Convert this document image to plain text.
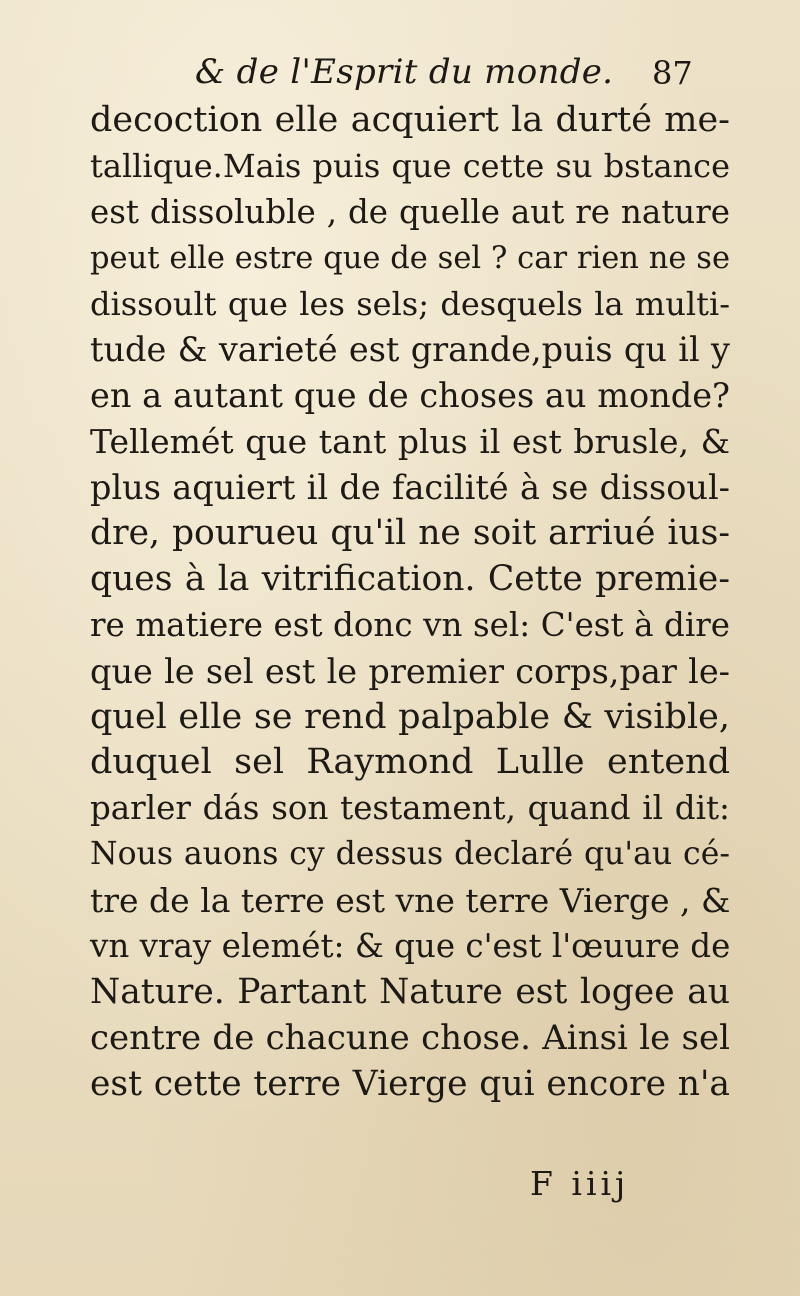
& de l'Esprit du monde. 87
decoction elle acquiert la durté me-
tallique.Mais puis que cette su bstance
est dissoluble , de quelle aut re nature
peut elle estre que de sel ? car rien ne se
dissoult que les sels; desquels la multi-
tude & varieté est grande,puis qu il y
en a autant que de choses au monde?
Tellemét que tant plus il est brusle, &
plus aquiert il de facilité à se dissoul-
dre, pourueu qu'il ne soit arriué ius-
ques à la vitrification. Cette premie-
re matiere est donc vn sel: C'est à dire
que le sel est le premier corps,par le-
quel elle se rend palpable & visible,
duquel sel Raymond Lulle entend
parler dás son testament, quand il dit:
Nous auons cy dessus declaré qu'au cé-
tre de la terre est vne terre Vierge , &
vn vray elemét: & que c'est l'œuure de
Nature. Partant Nature est logee au
centre de chacune chose. Ainsi le sel
est cette terre Vierge qui encore n'a
F iiij
